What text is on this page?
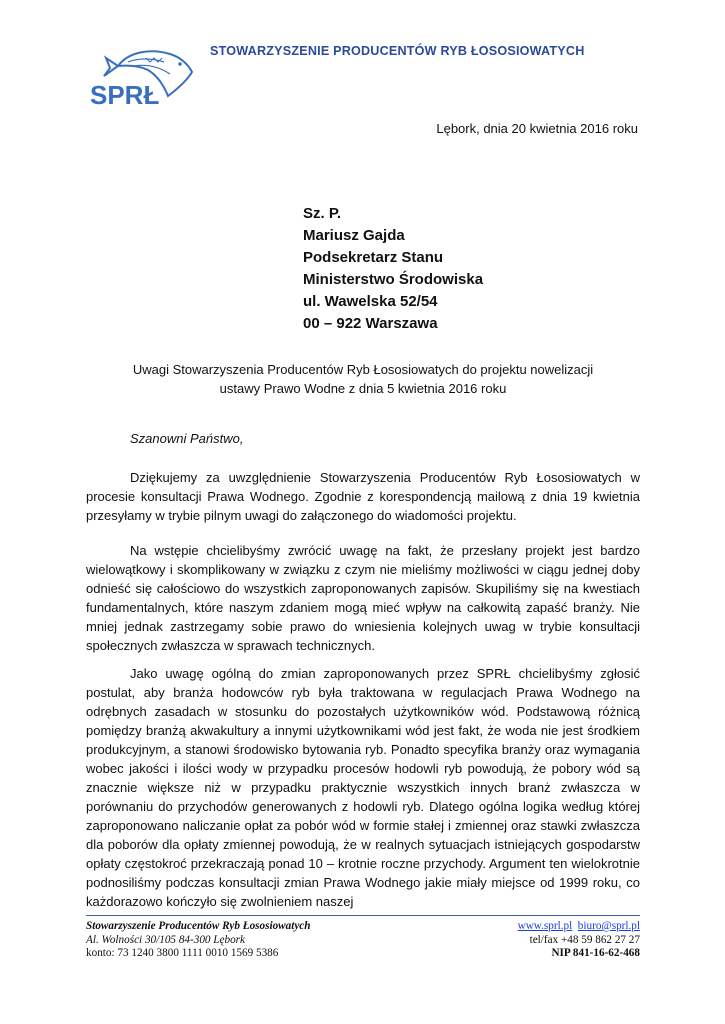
SPRŁ
STOWARZYSZENIE PRODUCENTÓW RYB ŁOSOSIOWATYCH
Lębork, dnia 20 kwietnia 2016 roku
Sz. P.
Mariusz Gajda
Podsekretarz Stanu
Ministerstwo Środowiska
ul. Wawelska 52/54
00 – 922 Warszawa
Uwagi Stowarzyszenia Producentów Ryb Łososiowatych do projektu nowelizacji
ustawy Prawo Wodne z dnia 5 kwietnia 2016 roku
Szanowni Państwo,

Dziękujemy za uwzględnienie Stowarzyszenia Producentów Ryb Łososiowatych w procesie konsultacji Prawa Wodnego. Zgodnie z korespondencją mailową z dnia 19 kwietnia przesyłamy w trybie pilnym uwagi do załączonego do wiadomości projektu.

Na wstępie chcielibyśmy zwrócić uwagę na fakt, że przesłany projekt jest bardzo wielowątkowy i skomplikowany w związku z czym nie mieliśmy możliwości w ciągu jednej doby odnieść się całościowo do wszystkich zaproponowanych zapisów. Skupiliśmy się na kwestiach fundamentalnych, które naszym zdaniem mogą mieć wpływ na całkowitą zapaść branży. Nie mniej jednak zastrzegamy sobie prawo do wniesienia kolejnych uwag w trybie konsultacji społecznych zwłaszcza w sprawach technicznych.

Jako uwagę ogólną do zmian zaproponowanych przez SPRŁ chcielibyśmy zgłosić postulat, aby branża hodowców ryb była traktowana w regulacjach Prawa Wodnego na odrębnych zasadach w stosunku do pozostałych użytkowników wód. Podstawową różnicą pomiędzy branżą akwakultury a innymi użytkownikami wód jest fakt, że woda nie jest środkiem produkcyjnym, a stanowi środowisko bytowania ryb. Ponadto specyfika branży oraz wymagania wobec jakości i ilości wody w przypadku procesów hodowli ryb powodują, że pobory wód są znacznie większe niż w przypadku praktycznie wszystkich innych branż zwłaszcza w porównaniu do przychodów generowanych z hodowli ryb. Dlatego ogólna logika według której zaproponowano naliczanie opłat za pobór wód w formie stałej i zmiennej oraz stawki zwłaszcza dla poborów dla opłaty zmiennej powodują, że w realnych sytuacjach istniejących gospodarstw opłaty częstokroć przekraczają ponad 10 – krotnie roczne przychody. Argument ten wielokrotnie podnosiliśmy podczas konsultacji zmian Prawa Wodnego jakie miały miejsce od 1999 roku, co każdorazowo kończyło się zwolnieniem naszej

Stowarzyszenie Producentów Ryb Łososiowatych
Al. Wolności 30/105 84-300 Lębork
konto: 73 1240 3800 1111 0010 1569 5386
www.sprl.pl biuro@sprl.pl
tel/fax +48 59 862 27 27
NIP 841-16-62-468
